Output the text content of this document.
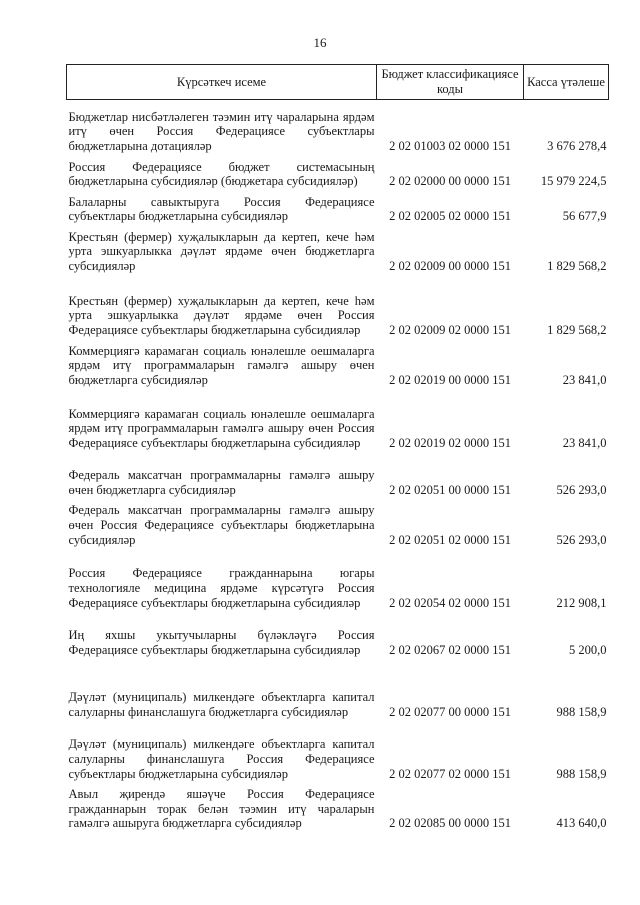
16
Күрсәткеч исеме	Бюджет классификациясе коды	Касса үтәлеше
Бюджетлар нисбәтләлеген тәэмин итү чараларына ярдәм итү өчен Россия Федерациясе субъектлары бюджетларына дотацияләр	2 02 01003 02 0000 151	3 676 278,4
Россия Федерациясе бюджет системасының бюджетларына субсидияләр (бюджетара субсидияләр)	2 02 02000 00 0000 151	15 979 224,5
Балаларны савыктыруга Россия Федерациясе субъектлары бюджетларына субсидияләр	2 02 02005 02 0000 151	56 677,9
Крестьян (фермер) хуҗалыкларын да кертеп, кече һәм урта эшкуарлыкка дәүләт ярдәме өчен бюджетларга субсидияләр	2 02 02009 00 0000 151	1 829 568,2
Крестьян (фермер) хуҗалыкларын да кертеп, кече һәм урта эшкуарлыкка дәүләт ярдәме өчен Россия Федерациясе субъектлары бюджетларына субсидияләр	2 02 02009 02 0000 151	1 829 568,2
Коммерциягә карамаган социаль юнәлешле оешмаларга ярдәм итү программаларын гамәлгә ашыру өчен бюджетларга субсидияләр	2 02 02019 00 0000 151	23 841,0
Коммерциягә карамаган социаль юнәлешле оешмаларга ярдәм итү программаларын гамәлгә ашыру өчен Россия Федерациясе субъектлары бюджетларына субсидияләр	2 02 02019 02 0000 151	23 841,0
Федераль максатчан программаларны гамәлгә ашыру өчен бюджетларга субсидияләр	2 02 02051 00 0000 151	526 293,0
Федераль максатчан программаларны гамәлгә ашыру өчен Россия Федерациясе субъектлары бюджетларына субсидияләр	2 02 02051 02 0000 151	526 293,0
Россия Федерациясе гражданнарына югары технологияле медицина ярдәме күрсәтүгә Россия Федерациясе субъектлары бюджетларына субсидияләр	2 02 02054 02 0000 151	212 908,1
Иң яхшы укытучыларны бүләкләүгә Россия Федерациясе субъектлары бюджетларына субсидияләр	2 02 02067 02 0000 151	5 200,0
Дәүләт (муниципаль) милкендәге объектларга капитал салуларны финанслашуга бюджетларга субсидияләр	2 02 02077 00 0000 151	988 158,9
Дәүләт (муниципаль) милкендәге объектларга капитал салуларны финанслашуга Россия Федерациясе субъектлары бюджетларына субсидияләр	2 02 02077 02 0000 151	988 158,9
Авыл җирендә яшәүче Россия Федерациясе гражданнарын торак белән тәэмин итү чараларын гамәлгә ашыруга бюджетларга субсидияләр	2 02 02085 00 0000 151	413 640,0
